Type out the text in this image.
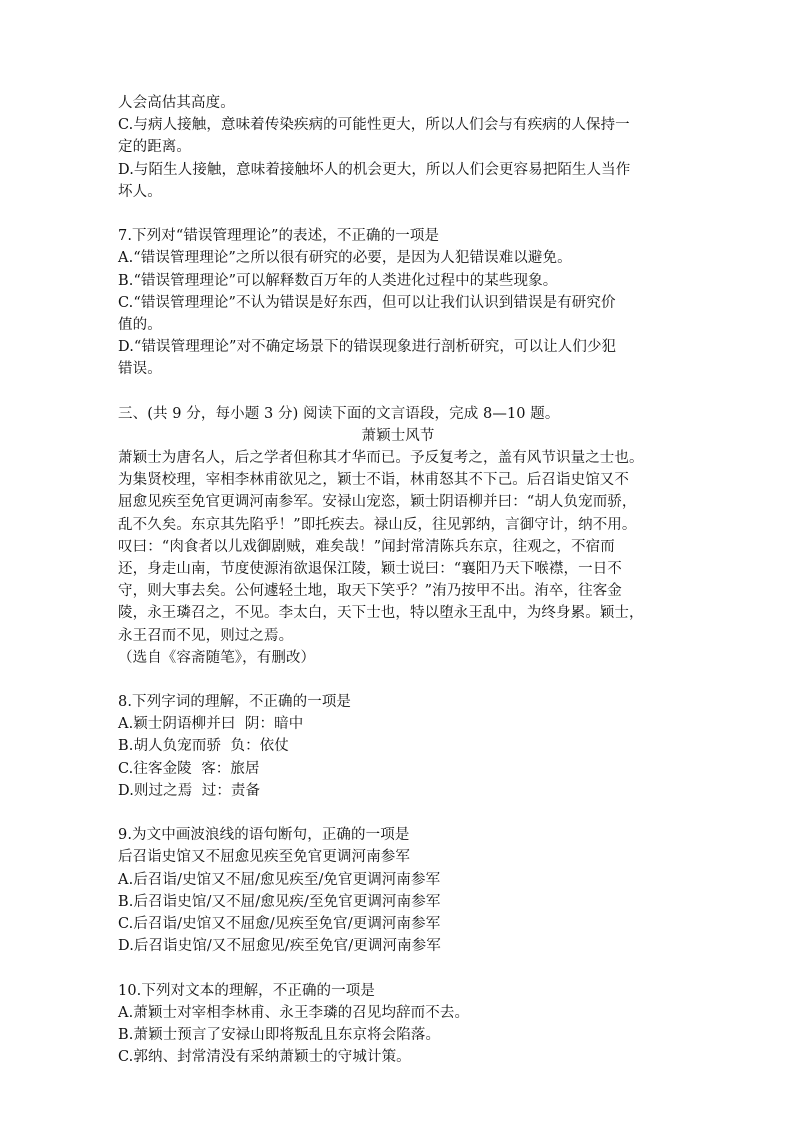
人会高估其高度。
C.与病人接触，意味着传染疾病的可能性更大，所以人们会与有疾病的人保持一
定的距离。
D.与陌生人接触，意味着接触坏人的机会更大，所以人们会更容易把陌生人当作
坏人。
7.下列对“错误管理理论”的表述，不正确的一项是
A.“错误管理理论”之所以很有研究的必要，是因为人犯错误难以避免。
B.“错误管理理论”可以解释数百万年的人类进化过程中的某些现象。
C.“错误管理理论”不认为错误是好东西，但可以让我们认识到错误是有研究价
值的。
D.“错误管理理论”对不确定场景下的错误现象进行剖析研究，可以让人们少犯
错误。
三、(共 9 分，每小题 3 分) 阅读下面的文言语段，完成 8—10 题。
萧颖士风节
萧颖士为唐名人，后之学者但称其才华而已。予反复考之，盖有风节识量之士也。
为集贤校理，宰相李林甫欲见之，颖士不诣，林甫怒其不下己。后召诣史馆又不
屈愈见疾至免官更调河南参军。安禄山宠恣，颖士阴语柳并曰：“胡人负宠而骄，
乱不久矣。东京其先陷乎！”即托疾去。禄山反，往见郭纳，言御守计，纳不用。
叹曰：“肉食者以儿戏御剧贼，难矣哉！”闻封常清陈兵东京，往观之，不宿而
还，身走山南，节度使源洧欲退保江陵，颖士说曰：“襄阳乃天下喉襟，一日不
守，则大事去矣。公何遽轻土地，取天下笑乎？”洧乃按甲不出。洧卒，往客金
陵，永王璘召之，不见。李太白，天下士也，特以堕永王乱中，为终身累。颖士，
永王召而不见，则过之焉。
（选自《容斋随笔》，有删改）
8.下列字词的理解，不正确的一项是
A.颖士阴语柳并曰  阴：暗中
B.胡人负宠而骄  负：依仗
C.往客金陵  客：旅居
D.则过之焉  过：责备
9.为文中画波浪线的语句断句，正确的一项是
后召诣史馆又不屈愈见疾至免官更调河南参军
A.后召诣/史馆又不屈/愈见疾至/免官更调河南参军
B.后召诣史馆/又不屈/愈见疾/至免官更调河南参军
C.后召诣/史馆又不屈愈/见疾至免官/更调河南参军
D.后召诣史馆/又不屈愈见/疾至免官/更调河南参军
10.下列对文本的理解，不正确的一项是
A.萧颖士对宰相李林甫、永王李璘的召见均辞而不去。
B.萧颖士预言了安禄山即将叛乱且东京将会陷落。
C.郭纳、封常清没有采纳萧颖士的守城计策。
